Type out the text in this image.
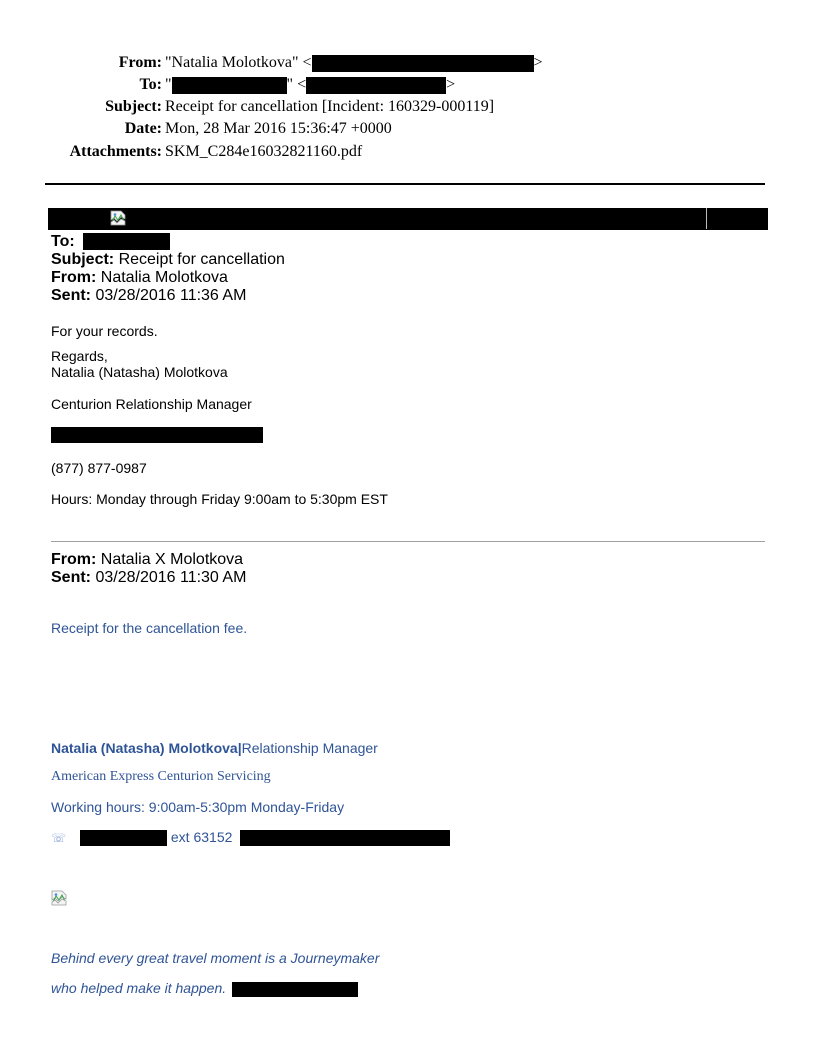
From: "Natalia Molotkova" <	>
To: "	" <	>
Subject: Receipt for cancellation [Incident: 160329-000119]
Date: Mon, 28 Mar 2016 15:36:47 +0000
Attachments: SKM_C284e16032821160.pdf
To:
Subject: Receipt for cancellation
From: Natalia Molotkova
Sent: 03/28/2016 11:36 AM
For your records.
Regards,
Natalia (Natasha) Molotkova
Centurion Relationship Manager
(877) 877-0987
Hours: Monday through Friday 9:00am to 5:30pm EST
From: Natalia X Molotkova
Sent: 03/28/2016 11:30 AM
Receipt for the cancellation fee.
Natalia (Natasha) Molotkova|Relationship Manager
American Express Centurion Servicing
Working hours: 9:00am-5:30pm Monday-Friday
☏	ext 63152
Behind every great travel moment is a Journeymaker
who helped make it happen.
